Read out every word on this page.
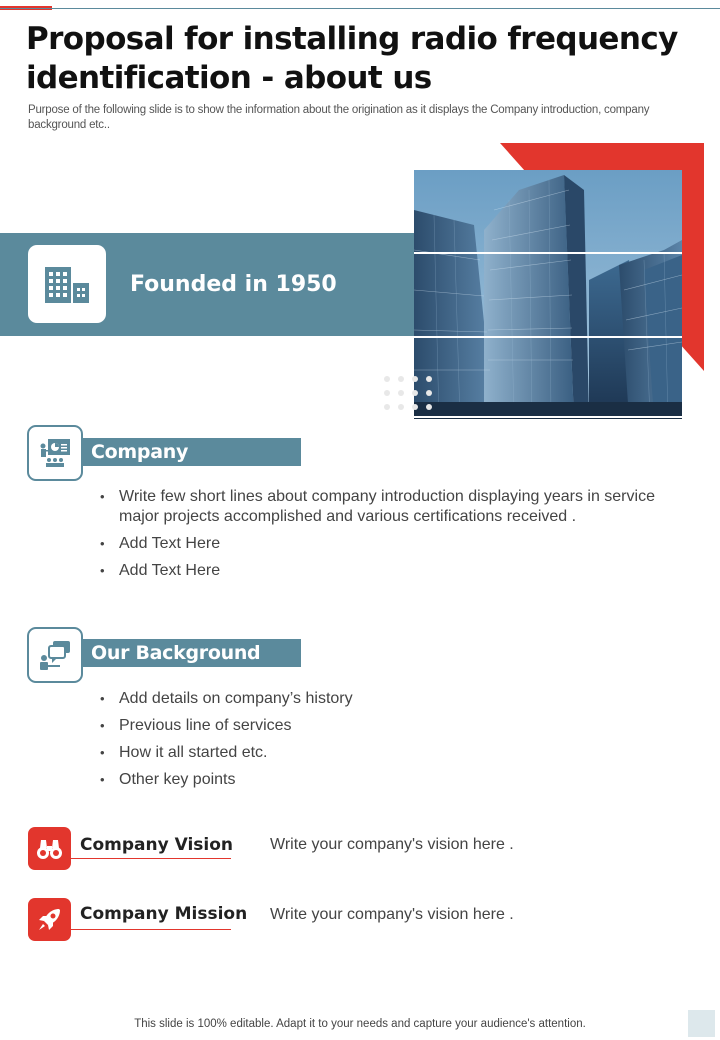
Proposal for installing radio frequency identification - about us

Purpose of the following slide is to show the information about the origination as it displays the Company introduction, company background etc..

Founded in 1950
Company Introduction
• Write few short lines about company introduction displaying years in service major projects accomplished and various certifications received .
• Add Text Here
• Add Text Here
Our Background
• Add details on company’s history
• Previous line of services
• How it all started etc.
• Other key points
Company Vision Write your company's vision here .
Company Mission Write your company's vision here .
This slide is 100% editable. Adapt it to your needs and capture your audience's attention.
